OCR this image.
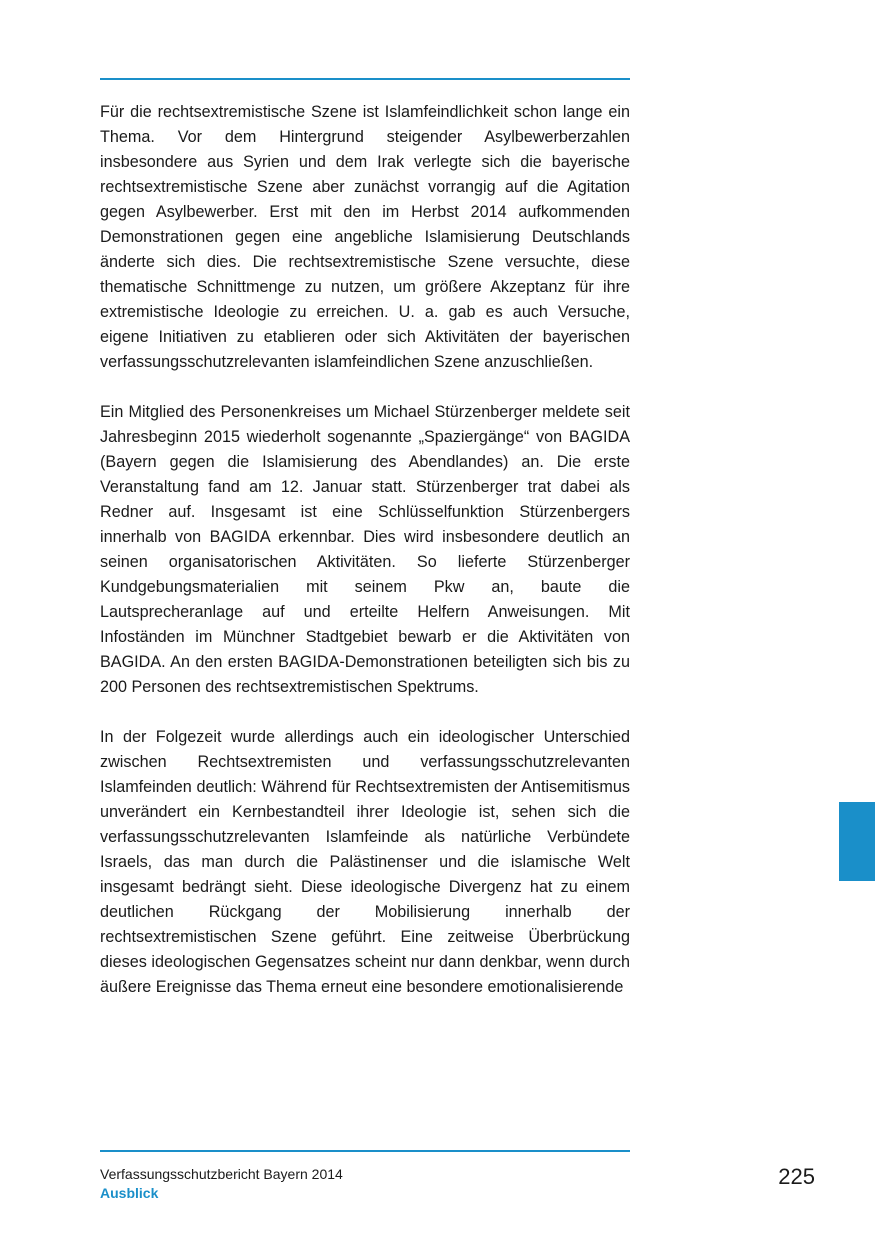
Für die rechtsextremistische Szene ist Islamfeindlichkeit schon lange ein Thema. Vor dem Hintergrund steigender Asylbewerberzahlen insbesondere aus Syrien und dem Irak verlegte sich die bayerische rechtsextremistische Szene aber zunächst vorrangig auf die Agitation gegen Asylbewerber. Erst mit den im Herbst 2014 aufkommenden Demonstrationen gegen eine angebliche Islamisierung Deutschlands änderte sich dies. Die rechtsextremistische Szene versuchte, diese thematische Schnittmenge zu nutzen, um größere Akzeptanz für ihre extremistische Ideologie zu erreichen. U. a. gab es auch Versuche, eigene Initiativen zu etablieren oder sich Aktivitäten der bayerischen verfassungsschutzrelevanten islamfeindlichen Szene anzuschließen.

Ein Mitglied des Personenkreises um Michael Stürzenberger meldete seit Jahresbeginn 2015 wiederholt sogenannte „Spaziergänge“ von BAGIDA (Bayern gegen die Islamisierung des Abendlandes) an. Die erste Veranstaltung fand am 12. Januar statt. Stürzenberger trat dabei als Redner auf. Insgesamt ist eine Schlüsselfunktion Stürzenbergers innerhalb von BAGIDA erkennbar. Dies wird insbesondere deutlich an seinen organisatorischen Aktivitäten. So lieferte Stürzenberger Kundgebungsmaterialien mit seinem Pkw an, baute die Lautsprecheranlage auf und erteilte Helfern Anweisungen. Mit Infoständen im Münchner Stadtgebiet bewarb er die Aktivitäten von BAGIDA. An den ersten BAGIDA-Demonstrationen beteiligten sich bis zu 200 Personen des rechtsextremistischen Spektrums.

In der Folgezeit wurde allerdings auch ein ideologischer Unterschied zwischen Rechtsextremisten und verfassungsschutzrelevanten Islamfeinden deutlich: Während für Rechtsextremisten der Antisemitismus unverändert ein Kernbestandteil ihrer Ideologie ist, sehen sich die verfassungsschutzrelevanten Islamfeinde als natürliche Verbündete Israels, das man durch die Palästinenser und die islamische Welt insgesamt bedrängt sieht. Diese ideologische Divergenz hat zu einem deutlichen Rückgang der Mobilisierung innerhalb der rechtsextremistischen Szene geführt. Eine zeitweise Überbrückung dieses ideologischen Gegensatzes scheint nur dann denkbar, wenn durch äußere Ereignisse das Thema erneut eine besondere emotionalisierende

Verfassungsschutzbericht Bayern 2014
Ausblick
225
